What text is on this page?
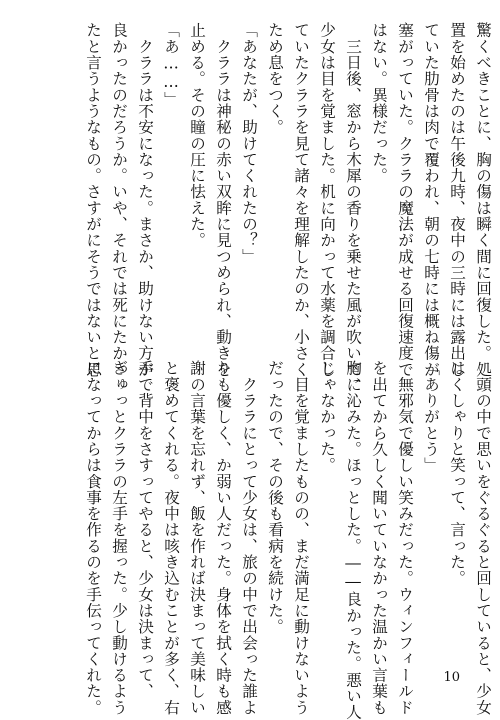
驚くべきことに、胸の傷は瞬く間に回復した。処
置を始めたのは午後九時、夜中の三時には露出し
ていた肋骨は肉で覆われ、朝の七時には概ね傷が
塞がっていた。クララの魔法が成せる回復速度で
はない。異様だった。
　三日後、窓から木犀の香りを乗せた風が吹いて、
少女は目を覚ました。机に向かって水薬を調合し
ていたクララを見て諸々を理解したのか、小さく
ため息をつく。
「あなたが、助けてくれたの？」
　クララは神秘の赤い双眸に見つめられ、動きを
止める。その瞳の圧に怯えた。
「あ……」
　クララは不安になった。まさか、助けない方が
良かったのだろうか。いや、それでは死にたかっ
たと言うようなもの。さすがにそうではないと思
　頭の中で思いをぐるぐると回していると、少女
はくしゃりと笑って、言った。
「ありがとう」
　無邪気で優しい笑みだった。ウィンフィールド
を出てから久しく聞いていなかった温かい言葉も
胸に沁みた。ほっとした。――良かった。悪い人
じゃなかった。
　目を覚ましたものの、まだ満足に動けないよう
だったので、その後も看病を続けた。
　クララにとって少女は、旅の中で出会った誰よ
りも優しく、か弱い人だった。身体を拭く時も感
謝の言葉を忘れず、飯を作れば決まって美味しい
と褒めてくれる。夜中は咳き込むことが多く、右
手で背中をさすってやると、少女は決まって、
ぎゅっとクララの左手を握った。少し動けるよう
になってからは食事を作るのを手伝ってくれた。	10
